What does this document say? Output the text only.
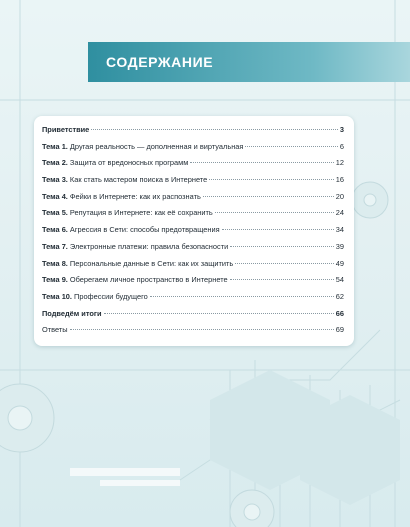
СОДЕРЖАНИЕ
Приветствие	3
Тема 1. Другая реальность — дополненная и виртуальная	6
Тема 2. Защита от вредоносных программ	12
Тема 3. Как стать мастером поиска в Интернете	16
Тема 4. Фейки в Интернете: как их распознать	20
Тема 5. Репутация в Интернете: как её сохранить	24
Тема 6. Агрессия в Сети: способы предотвращения	34
Тема 7. Электронные платежи: правила безопасности	39
Тема 8. Персональные данные в Сети: как их защитить	49
Тема 9. Оберегаем личное пространство в Интернете	54
Тема 10. Профессии будущего	62
Подведём итоги	66
Ответы	69
